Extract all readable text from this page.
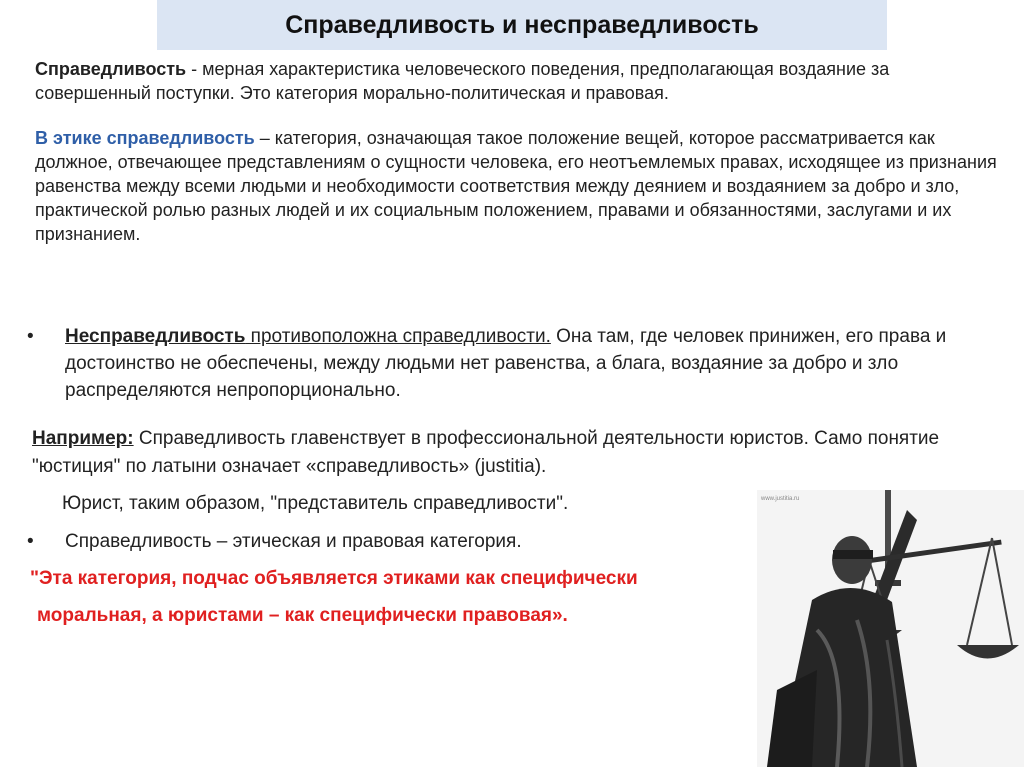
Справедливость и несправедливость
Справедливость - мерная характеристика человеческого поведения, предполагающая воздаяние за совершенный поступки. Это категория морально-политическая и правовая.
В этике справедливость – категория, означающая такое положение вещей, которое рассматривается как должное, отвечающее представлениям о сущности человека, его неотъемлемых правах, исходящее из признания равенства между всеми людьми и необходимости соответствия между деянием и воздаянием за добро и зло, практической ролью разных людей и их социальным положением, правами и обязанностями, заслугами и их признанием.
• Несправедливость противоположна справедливости. Она там, где человек принижен, его права и достоинство не обеспечены, между людьми нет равенства, а блага, воздаяние за добро и зло распределяются непропорционально.
Например: Справедливость главенствует в профессиональной деятельности юристов. Само понятие "юстиция" по латыни означает «справедливость» (justitia).
Юрист, таким образом, "представитель справедливости".
• Справедливость – этическая и правовая категория.
"Эта категория, подчас объявляется этиками как специфически
моральная, а юристами – как специфически правовая».
www.justitia.ru
